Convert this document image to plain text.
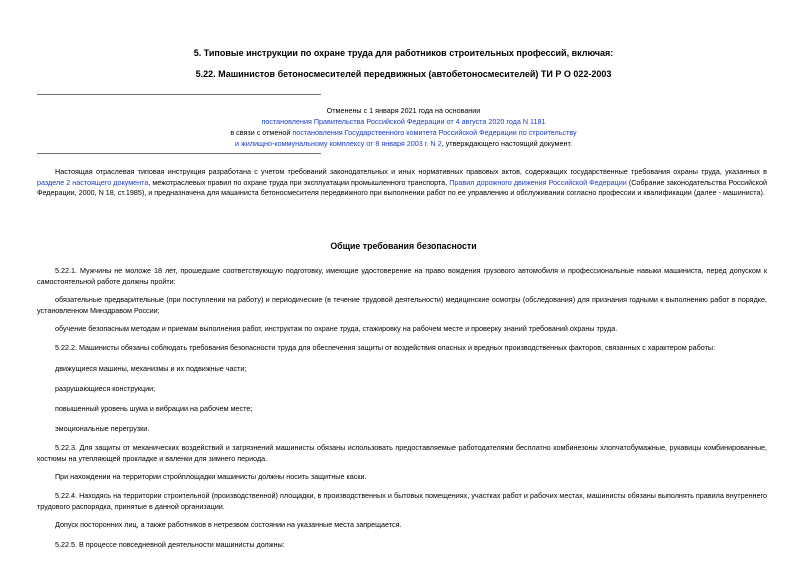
5. Типовые инструкции по охране труда для работников строительных профессий, включая:
5.22. Машинистов бетоносмесителей передвижных (автобетоносмесителей) ТИ Р О 022-2003
Отменены с 1 января 2021 года на основании
постановления Правительства Российской Федерации от 4 августа 2020 года N 1181
в связи с отменой постановления Государственного комитета Российской Федерации по строительству
и жилищно-коммунальному комплексу от 8 января 2003 г. N 2, утверждающего настоящий документ.
Настоящая отраслевая типовая инструкция разработана с учетом требований законодательных и иных нормативных правовых актов, содержащих государственные требования охраны труда, указанных в разделе 2 настоящего документа, межотраслевых правил по охране труда при эксплуатации промышленного транспорта, Правил дорожного движения Российской Федерации (Собрание законодательства Российской Федерации, 2000, N 18, ст.1985), и предназначена для машиниста бетоносмесителя передвижного при выполнении работ по ее управлению и обслуживании согласно профессии и квалификации (далее - машиниста).
Общие требования безопасности
5.22.1. Мужчины не моложе 18 лет, прошедшие соответствующую подготовку, имеющие удостоверение на право вождения грузового автомобиля и профессиональные навыки машиниста, перед допуском к самостоятельной работе должны пройти:
обязательные предварительные (при поступлении на работу) и периодические (в течение трудовой деятельности) медицинские осмотры (обследования) для признания годными к выполнению работ в порядке, установленном Минздравом России;
обучение безопасным методам и приемам выполнения работ, инструктаж по охране труда, стажировку на рабочем месте и проверку знаний требований охраны труда.
5.22.2. Машинисты обязаны соблюдать требования безопасности труда для обеспечения защиты от воздействия опасных и вредных производственных факторов, связанных с характером работы:
движущиеся машины, механизмы и их подвижные части;
разрушающиеся конструкции;
повышенный уровень шума и вибрации на рабочем месте;
эмоциональные перегрузки.
5.22.3. Для защиты от механических воздействий и загрязнений машинисты обязаны использовать предоставляемые работодателями бесплатно комбинезоны хлопчатобумажные, рукавицы комбинированные, костюмы на утепляющей прокладке и валенки для зимнего периода.
При нахождении на территории стройплощадки машинисты должны носить защитные каски.
5.22.4. Находясь на территории строительной (производственной) площадки, в производственных и бытовых помещениях, участках работ и рабочих местах, машинисты обязаны выполнять правила внутреннего трудового распорядка, принятые в данной организации.
Допуск посторонних лиц, а также работников в нетрезвом состоянии на указанные места запрещается.
5.22.5. В процессе повседневной деятельности машинисты должны:
